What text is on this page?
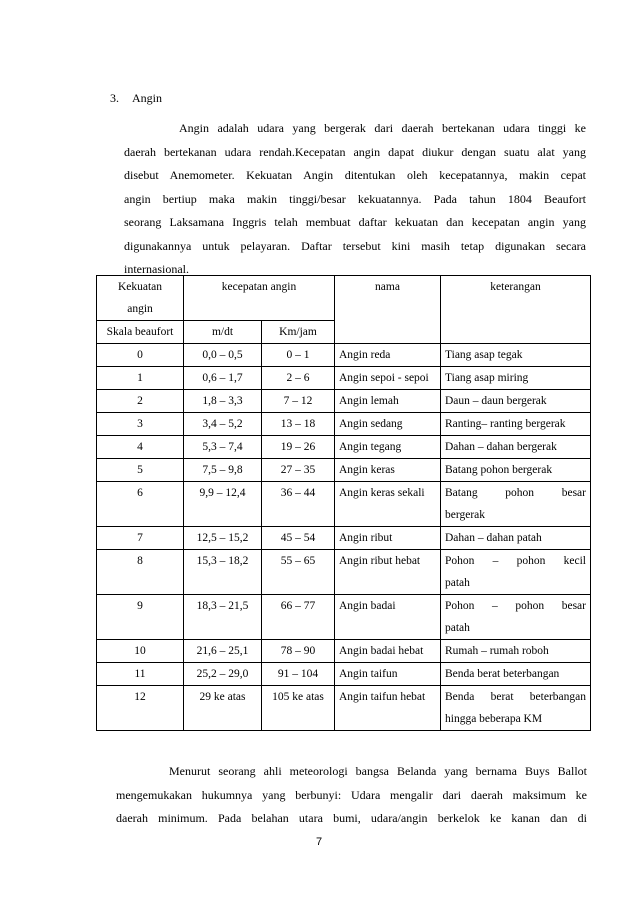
3. Angin
Angin adalah udara yang bergerak dari daerah bertekanan udara tinggi ke
daerah bertekanan udara rendah.Kecepatan angin dapat diukur dengan suatu alat yang
disebut Anemometer. Kekuatan Angin ditentukan oleh kecepatannya, makin cepat
angin bertiup maka makin tinggi/besar kekuatannya. Pada tahun 1804 Beaufort
seorang Laksamana Inggris telah membuat daftar kekuatan dan kecepatan angin yang
digunakannya untuk pelayaran. Daftar tersebut kini masih tetap digunakan secara
internasional.
Kekuatan
angin	kecepatan angin		nama	keterangan
Skala beaufort	m/dt	Km/jam		
0	0,0 – 0,5	0 – 1	Angin reda	Tiang asap tegak

1	0,6 – 1,7	2 – 6	Angin sepoi - sepoi	Tiang asap miring

2	1,8 – 3,3	7 – 12	Angin lemah	Daun – daun bergerak

3	3,4 – 5,2	13 – 18	Angin sedang	Ranting– ranting bergerak

4	5,3 – 7,4	19 – 26	Angin tegang	Dahan – dahan bergerak

5	7,5 – 9,8	27 – 35	Angin keras	Batang pohon bergerak

6	9,9 – 12,4	36 – 44	Angin keras sekali	Batang pohon besar
bergerak

7	12,5 – 15,2	45 – 54	Angin ribut	Dahan – dahan patah

8	15,3 – 18,2	55 – 65	Angin ribut hebat	Pohon – pohon kecil
patah

9	18,3 – 21,5	66 – 77	Angin badai	Pohon – pohon besar
patah

10	21,6 – 25,1	78 – 90	Angin badai hebat	Rumah – rumah roboh

11	25,2 – 29,0	91 – 104	Angin taifun	Benda berat beterbangan

12	29 ke atas	105 ke atas	Angin taifun hebat	Benda berat beterbangan
hingga beberapa KM
Menurut seorang ahli meteorologi bangsa Belanda yang bernama Buys Ballot
mengemukakan hukumnya yang berbunyi: Udara mengalir dari daerah maksimum ke
daerah minimum. Pada belahan utara bumi, udara/angin berkelok ke kanan dan di
7
